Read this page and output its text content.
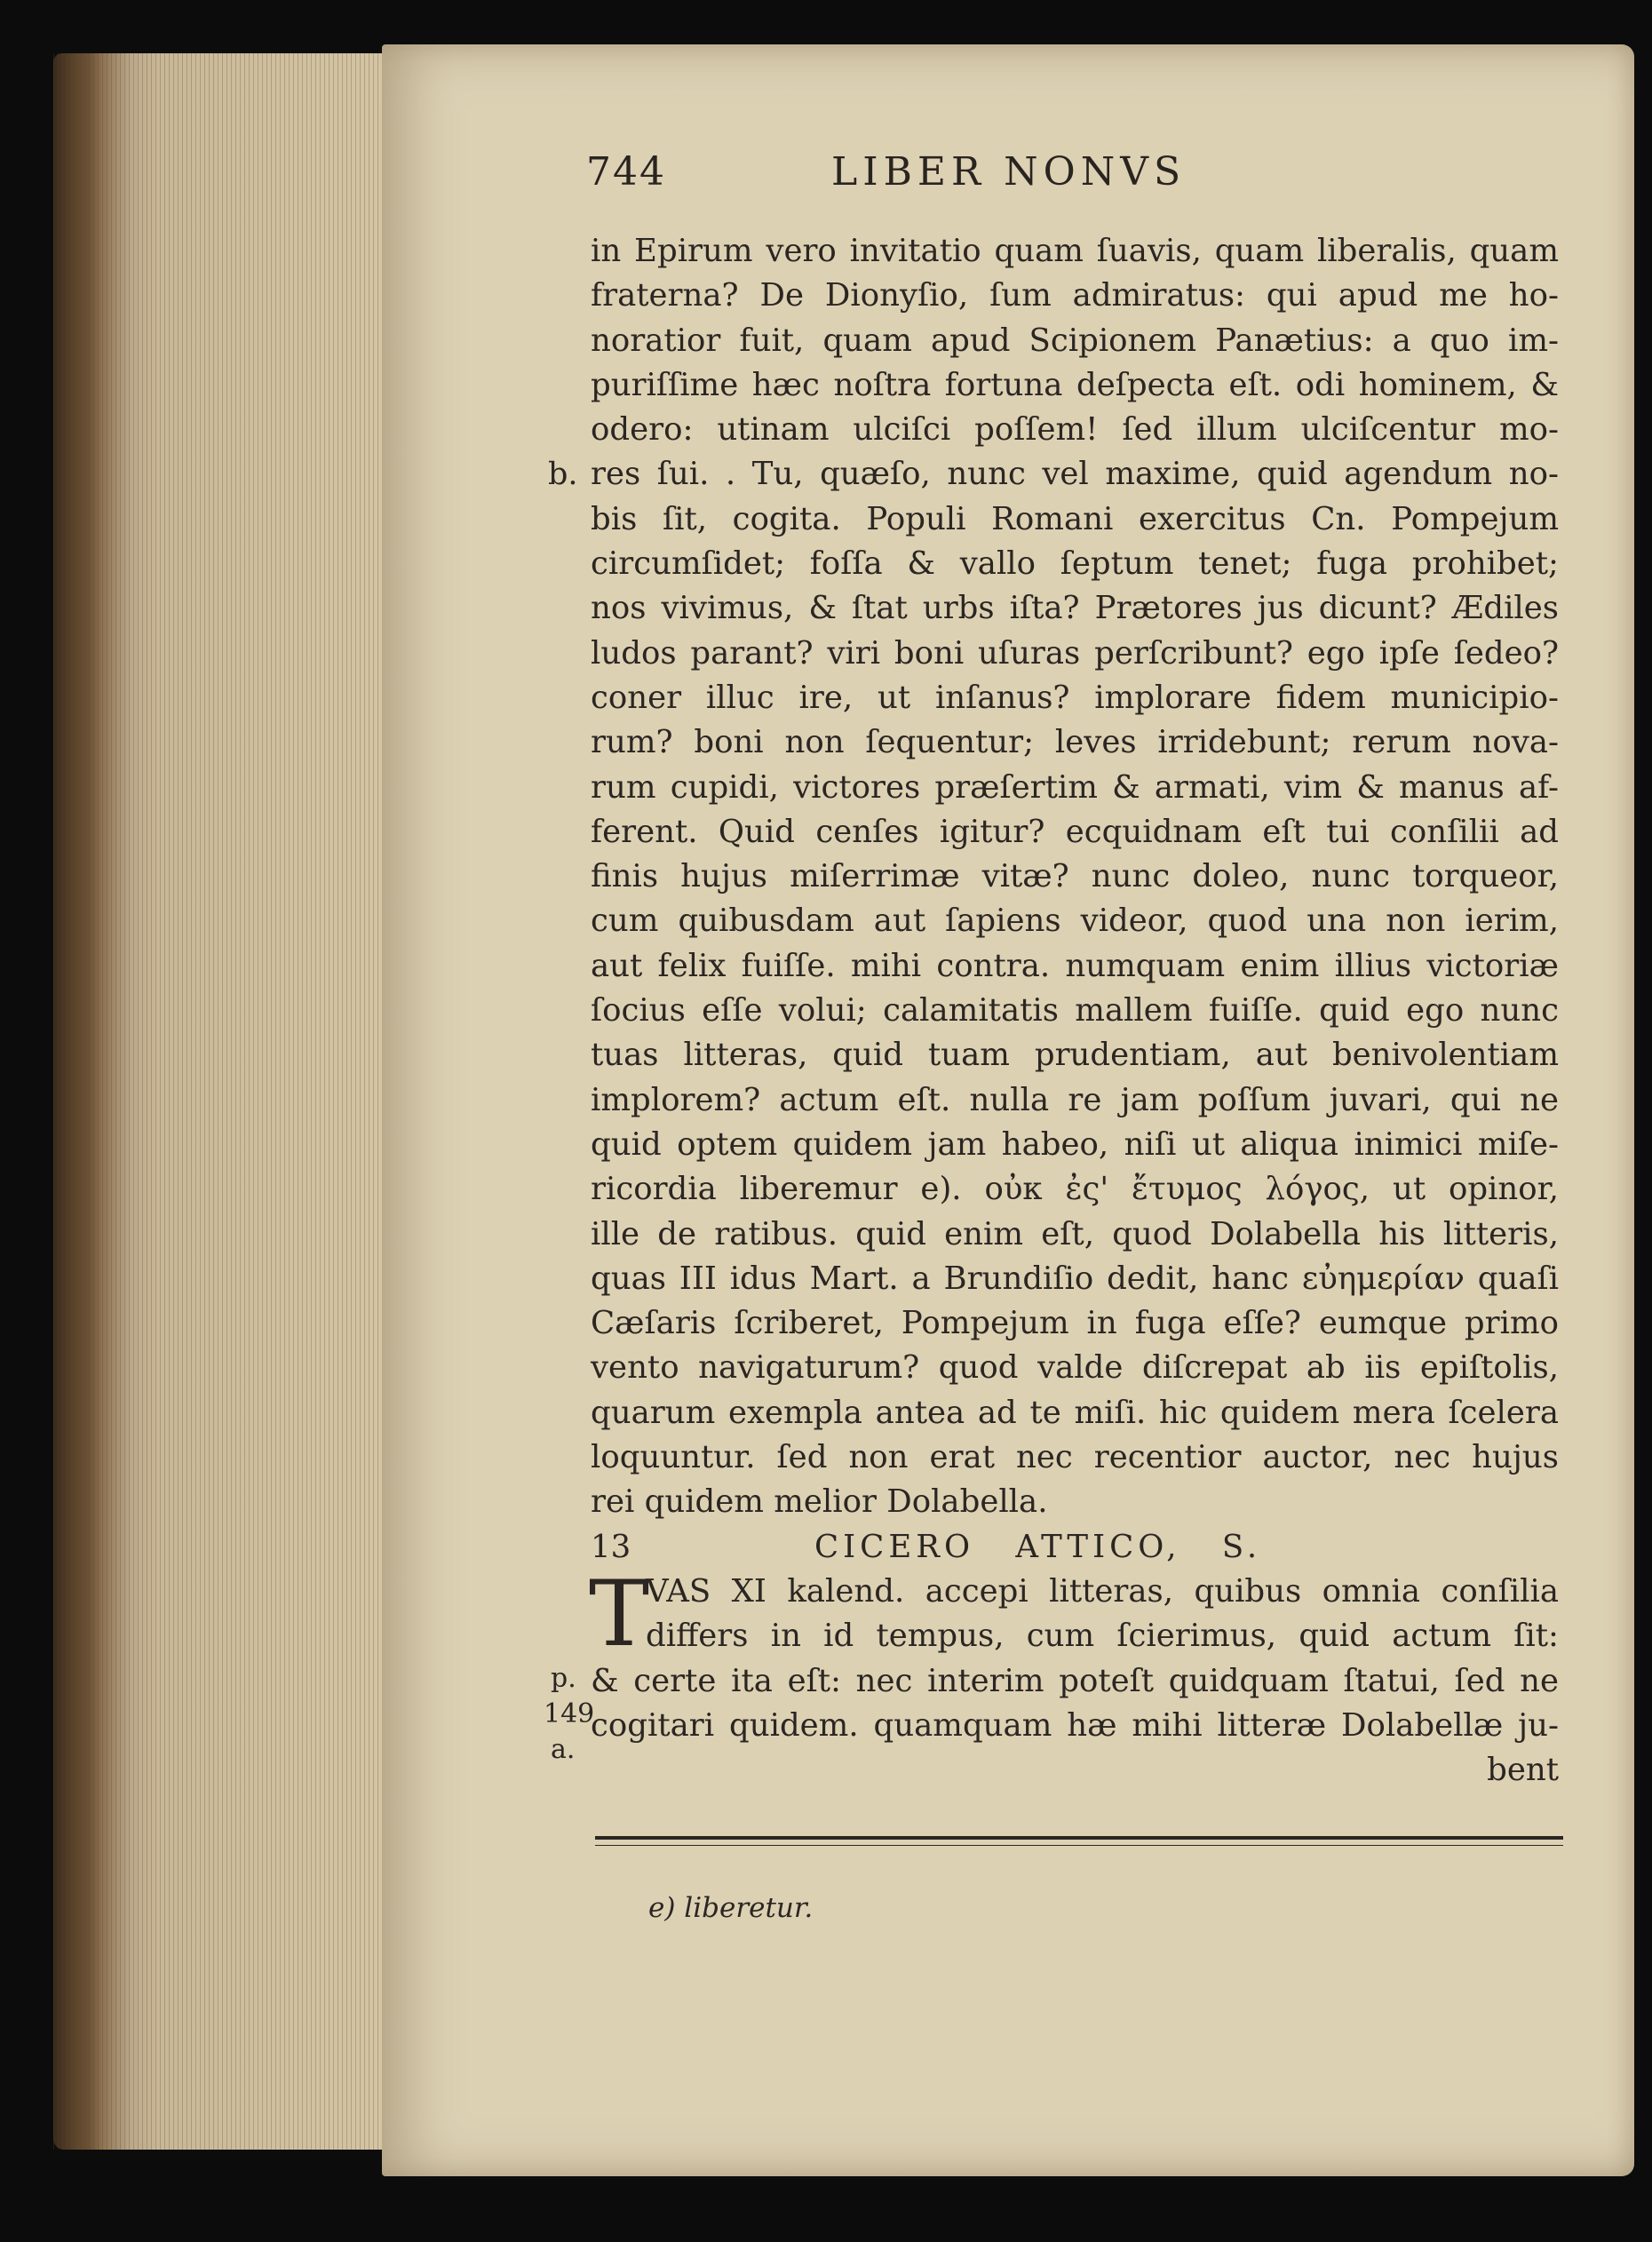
744	LIBER NONVS
b.
p.
149
a.
in Epirum vero invitatio quam ſuavis, quam liberalis, quam
fraterna? De Dionyſio, ſum admiratus: qui apud me ho-
noratior fuit, quam apud Scipionem Panætius: a quo im-
puriſſime hæc noſtra fortuna deſpecta eſt. odi hominem, &
odero: utinam ulciſci poſſem! ſed illum ulciſcentur mo-
res ſui. . Tu, quæſo, nunc vel maxime, quid agendum no-
bis ſit, cogita. Populi Romani exercitus Cn. Pompejum
circumſidet; foſſa & vallo ſeptum tenet; fuga prohibet;
nos vivimus, & ſtat urbs iſta? Prætores jus dicunt? Ædiles
ludos parant? viri boni uſuras perſcribunt? ego ipſe ſedeo?
coner illuc ire, ut inſanus? implorare fidem municipio-
rum? boni non ſequentur; leves irridebunt; rerum nova-
rum cupidi, victores præſertim & armati, vim & manus af-
ferent. Quid cenſes igitur? ecquidnam eſt tui conſilii ad
finis hujus miſerrimæ vitæ? nunc doleo, nunc torqueor,
cum quibusdam aut ſapiens videor, quod una non ierim,
aut felix fuiſſe. mihi contra. numquam enim illius victoriæ
ſocius eſſe volui; calamitatis mallem fuiſſe. quid ego nunc
tuas litteras, quid tuam prudentiam, aut benivolentiam
implorem? actum eſt. nulla re jam poſſum juvari, qui ne
quid optem quidem jam habeo, niſi ut aliqua inimici miſe-
ricordia liberemur e). οὐκ ἐς' ἔτυμος λόγος, ut opinor,
ille de ratibus. quid enim eſt, quod Dolabella his litteris,
quas III idus Mart. a Brundiſio dedit, hanc εὐημερίαν quaſi
Cæſaris ſcriberet, Pompejum in fuga eſſe? eumque primo
vento navigaturum? quod valde diſcrepat ab iis epiſtolis,
quarum exempla antea ad te miſi. hic quidem mera ſcelera
loquuntur. ſed non erat nec recentior auctor, nec hujus
rei quidem melior Dolabella.
13	CICERO ATTICO, S.
T
VAS XI kalend. accepi litteras, quibus omnia conſilia
differs in id tempus, cum ſcierimus, quid actum ſit:
& certe ita eſt: nec interim poteſt quidquam ſtatui, ſed ne
cogitari quidem. quamquam hæ mihi litteræ Dolabellæ ju-
bent
e) liberetur.
